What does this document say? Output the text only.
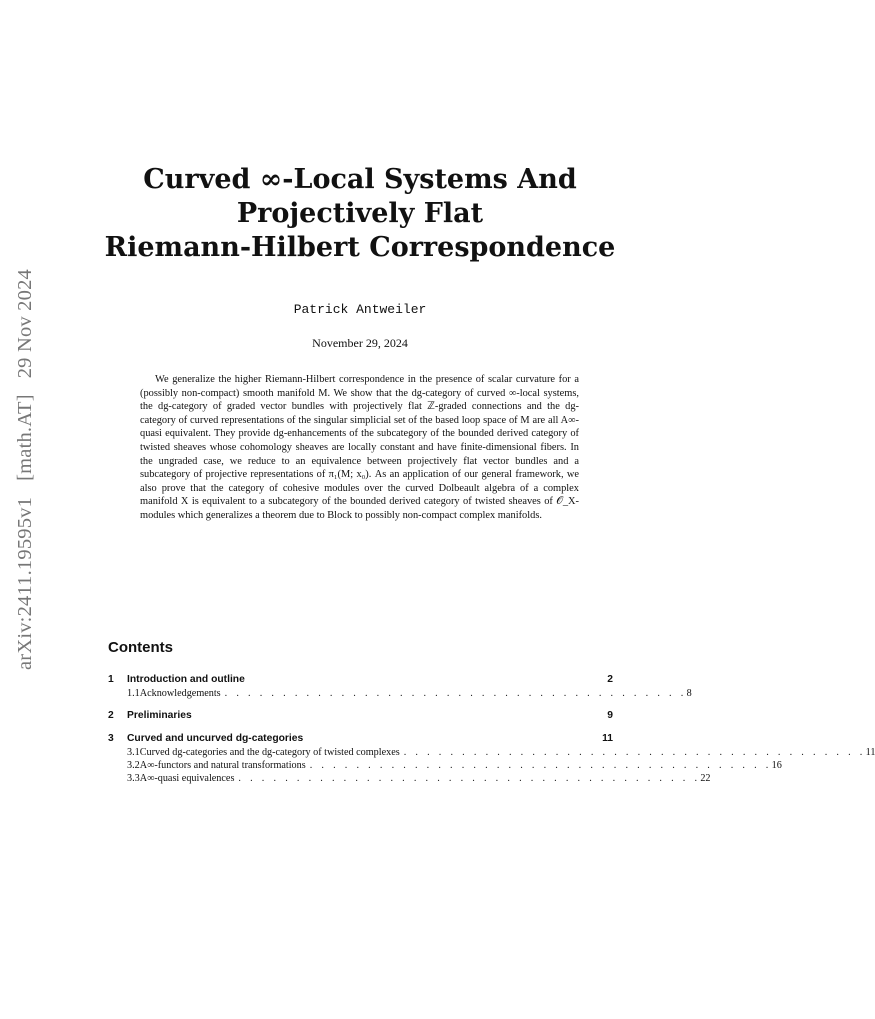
arXiv:2411.19595v1[math.AT]29 Nov 2024
Curved ∞-Local Systems And
Projectively Flat
Riemann-Hilbert Correspondence
Patrick Antweiler
November 29, 2024

We generalize the higher Riemann-Hilbert correspondence in the presence of scalar curvature for a (possibly non-compact) smooth manifold M. We show that the dg-category of curved ∞-local systems, the dg-category of graded vector bundles with projectively flat ℤ-graded connections and the dg-category of curved representations of the singular simplicial set of the based loop space of M are all A∞-quasi equivalent. They provide dg-enhancements of the subcategory of the bounded derived category of twisted sheaves whose cohomology sheaves are locally constant and have finite-dimensional fibers. In the ungraded case, we reduce to an equivalence between projectively flat vector bundles and a subcategory of projective representations of π₁(M; x₀). As an application of our general framework, we also prove that the category of cohesive modules over the curved Dolbeault algebra of a complex manifold X is equivalent to a subcategory of the bounded derived category of twisted sheaves of 𝒪_X-modules which generalizes a theorem due to Block to possibly non-compact complex manifolds.

Contents
1	Introduction and outline	2
1.1 Acknowledgements . . . . . . . . . . . . . . . . . . . . . . . . . . . . . . . . . . . . . . . . 8
2	Preliminaries	9
3	Curved and uncurved dg-categories	11
3.1 Curved dg-categories and the dg-category of twisted complexes . . . . . . . . . . . . . . . . . . . . . . . . . . . . . . . . . . . . . . . . 11
3.2 A∞-functors and natural transformations . . . . . . . . . . . . . . . . . . . . . . . . . . . . . . . . . . . . . . . . 16
3.3 A∞-quasi equivalences . . . . . . . . . . . . . . . . . . . . . . . . . . . . . . . . . . . . . . . . 22
